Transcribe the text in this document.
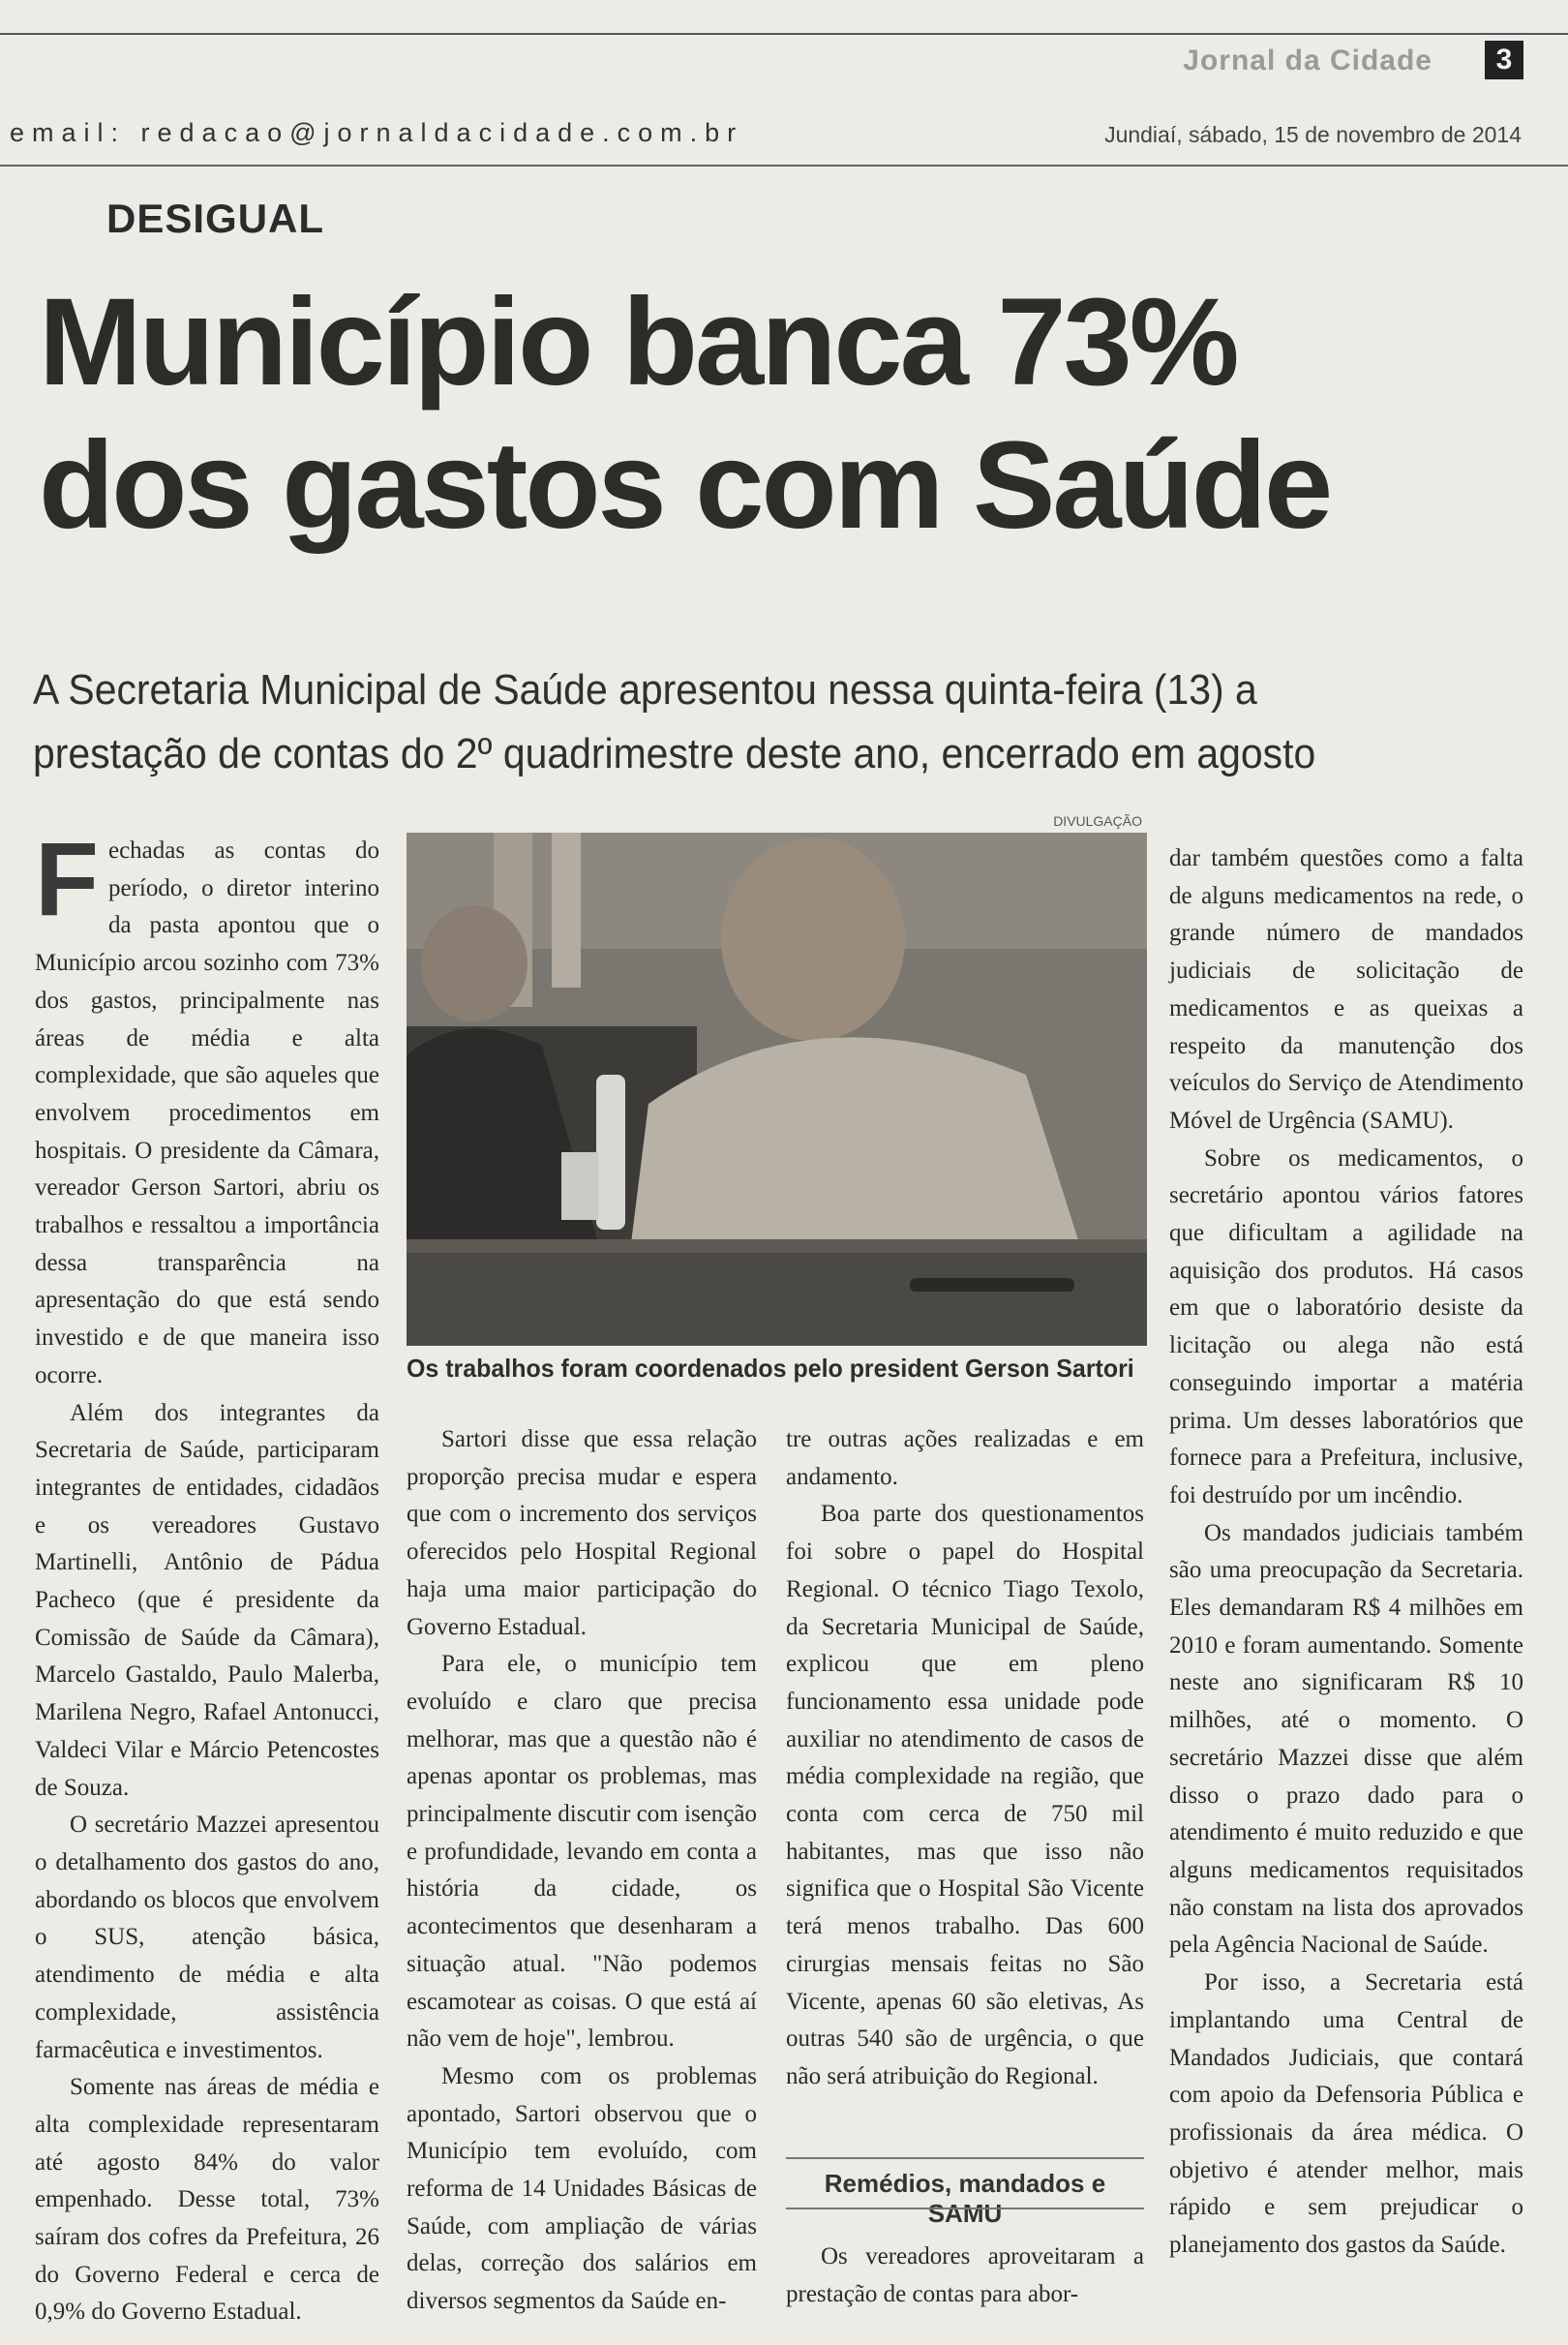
Jornal da Cidade	3
email: redacao@jornaldacidade.com.br	Jundiaí, sábado, 15 de novembro de 2014
DESIGUAL
Município banca 73%
dos gastos com Saúde
A Secretaria Municipal de Saúde apresentou nessa quinta-feira (13) a prestação de contas do 2º quadrimestre deste ano, encerrado em agosto

Fechadas as contas do período, o diretor interino da pasta apontou que o Município arcou sozinho com 73% dos gastos, principalmente nas áreas de média e alta complexidade, que são aqueles que envolvem procedimentos em hospitais. O presidente da Câmara, vereador Gerson Sartori, abriu os trabalhos e ressaltou a importância dessa transparência na apresentação do que está sendo investido e de que maneira isso ocorre.

Além dos integrantes da Secretaria de Saúde, participaram integrantes de entidades, cidadãos e os vereadores Gustavo Martinelli, Antônio de Pádua Pacheco (que é presidente da Comissão de Saúde da Câmara), Marcelo Gastaldo, Paulo Malerba, Marilena Negro, Rafael Antonucci, Valdeci Vilar e Márcio Petencostes de Souza.

O secretário Mazzei apresentou o detalhamento dos gastos do ano, abordando os blocos que envolvem o SUS, atenção básica, atendimento de média e alta complexidade, assistência farmacêutica e investimentos.

Somente nas áreas de média e alta complexidade representaram até agosto 84% do valor empenhado. Desse total, 73% saíram dos cofres da Prefeitura, 26 do Governo Federal e cerca de 0,9% do Governo Estadual.

DIVULGAÇÃO
Os trabalhos foram coordenados pelo president Gerson Sartori

Sartori disse que essa relação proporção precisa mudar e espera que com o incremento dos serviços oferecidos pelo Hospital Regional haja uma maior participação do Governo Estadual.

Para ele, o município tem evoluído e claro que precisa melhorar, mas que a questão não é apenas apontar os problemas, mas principalmente discutir com isenção e profundidade, levando em conta a história da cidade, os acontecimentos que desenharam a situação atual. "Não podemos escamotear as coisas. O que está aí não vem de hoje", lembrou.

Mesmo com os problemas apontado, Sartori observou que o Município tem evoluído, com reforma de 14 Unidades Básicas de Saúde, com ampliação de várias delas, correção dos salários em diversos segmentos da Saúde en-

tre outras ações realizadas e em andamento.

Boa parte dos questionamentos foi sobre o papel do Hospital Regional. O técnico Tiago Texolo, da Secretaria Municipal de Saúde, explicou que em pleno funcionamento essa unidade pode auxiliar no atendimento de casos de média complexidade na região, que conta com cerca de 750 mil habitantes, mas que isso não significa que o Hospital São Vicente terá menos trabalho. Das 600 cirurgias mensais feitas no São Vicente, apenas 60 são eletivas, As outras 540 são de urgência, o que não será atribuição do Regional.

Remédios, mandados e SAMU

Os vereadores aproveitaram a prestação de contas para abor-

dar também questões como a falta de alguns medicamentos na rede, o grande número de mandados judiciais de solicitação de medicamentos e as queixas a respeito da manutenção dos veículos do Serviço de Atendimento Móvel de Urgência (SAMU).

Sobre os medicamentos, o secretário apontou vários fatores que dificultam a agilidade na aquisição dos produtos. Há casos em que o laboratório desiste da licitação ou alega não está conseguindo importar a matéria prima. Um desses laboratórios que fornece para a Prefeitura, inclusive, foi destruído por um incêndio.

Os mandados judiciais também são uma preocupação da Secretaria. Eles demandaram R$ 4 milhões em 2010 e foram aumentando. Somente neste ano significaram R$ 10 milhões, até o momento. O secretário Mazzei disse que além disso o prazo dado para o atendimento é muito reduzido e que alguns medicamentos requisitados não constam na lista dos aprovados pela Agência Nacional de Saúde.

Por isso, a Secretaria está implantando uma Central de Mandados Judiciais, que contará com apoio da Defensoria Pública e profissionais da área médica. O objetivo é atender melhor, mais rápido e sem prejudicar o planejamento dos gastos da Saúde.
